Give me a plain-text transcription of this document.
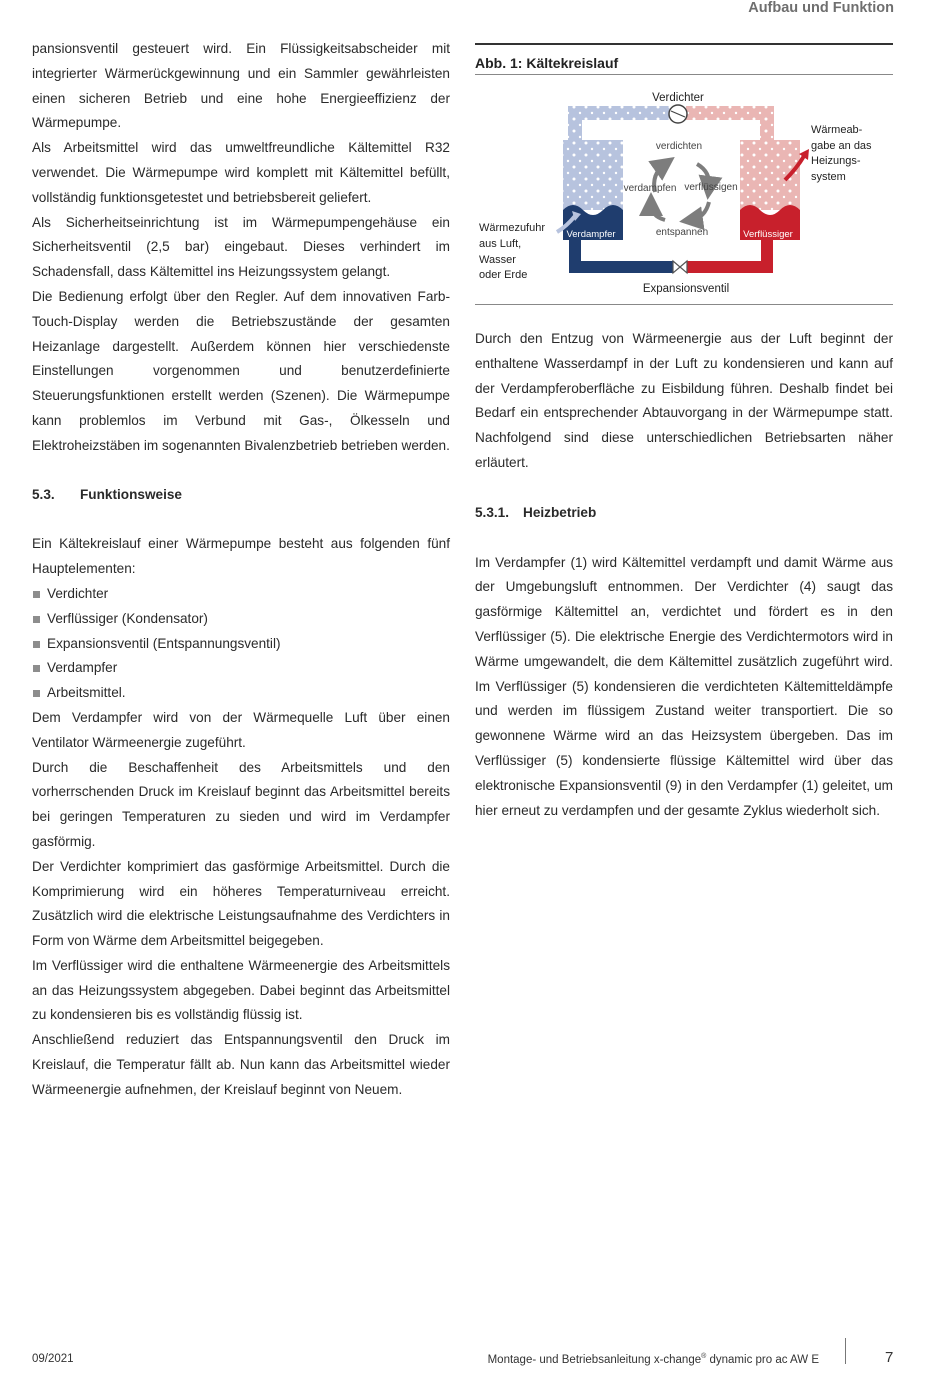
Aufbau und Funktion

pansionsventil gesteuert wird. Ein Flüssigkeitsabscheider mit integrierter Wärmerückgewinnung und ein Sammler gewährleisten einen sicheren Betrieb und eine hohe Energieeffizienz der Wärmepumpe.

Als Arbeitsmittel wird das umweltfreundliche Kältemittel R32 verwendet. Die Wärmepumpe wird komplett mit Kältemittel befüllt, vollständig funktionsgetestet und betriebsbereit geliefert.

Als Sicherheitseinrichtung ist im Wärmepumpengehäuse ein Sicherheitsventil (2,5 bar) eingebaut. Dieses verhindert im Schadensfall, dass Kältemittel ins Heizungssystem gelangt.

Die Bedienung erfolgt über den Regler. Auf dem innovativen Farb-Touch-Display werden die Betriebszustände der gesamten Heizanlage dargestellt. Außerdem können hier verschiedenste Einstellungen vorgenommen und benutzerdefinierte Steuerungsfunktionen erstellt werden (Szenen). Die Wärmepumpe kann problemlos im Verbund mit Gas-, Ölkesseln und Elektroheizstäben im sogenannten Bivalenzbetrieb betrieben werden.

5.3. Funktionsweise

Ein Kältekreislauf einer Wärmepumpe besteht aus folgenden fünf Hauptelementen:

Verdichter
Verflüssiger (Kondensator)
Expansionsventil (Entspannungsventil)
Verdampfer
Arbeitsmittel.

Dem Verdampfer wird von der Wärmequelle Luft über einen Ventilator Wärmeenergie zugeführt.

Durch die Beschaffenheit des Arbeitsmittels und den vorherrschenden Druck im Kreislauf beginnt das Arbeitsmittel bereits bei geringen Temperaturen zu sieden und wird im Verdampfer gasförmig.

Der Verdichter komprimiert das gasförmige Arbeitsmittel. Durch die Komprimierung wird ein höheres Temperaturniveau erreicht. Zusätzlich wird die elektrische Leistungsaufnahme des Verdichters in Form von Wärme dem Arbeitsmittel beigegeben.

Im Verflüssiger wird die enthaltene Wärmeenergie des Arbeitsmittels an das Heizungssystem abgegeben. Dabei beginnt das Arbeitsmittel zu kondensieren bis es vollständig flüssig ist.

Anschließend reduziert das Entspannungsventil den Druck im Kreislauf, die Temperatur fällt ab. Nun kann das Arbeitsmittel wieder Wärmeenergie aufnehmen, der Kreislauf beginnt von Neuem.

Abb. 1: Kältekreislauf
Verdichter
verdichten
verdampfen verflüssigen
entspannen
Verdampfer	Verflüssiger
Expansionsventil
Wärmezufuhr aus Luft, Wasser oder Erde
Wärmeab- gabe an das Heizungs- system

Durch den Entzug von Wärmeenergie aus der Luft beginnt der enthaltene Wasserdampf in der Luft zu kondensieren und kann auf der Verdampferoberfläche zu Eisbildung führen. Deshalb findet bei Bedarf ein entsprechender Abtauvorgang in der Wärmepumpe statt. Nachfolgend sind diese unterschiedlichen Betriebsarten näher erläutert.

5.3.1. Heizbetrieb

Im Verdampfer (1) wird Kältemittel verdampft und damit Wärme aus der Umgebungsluft entnommen. Der Verdichter (4) saugt das gasförmige Kältemittel an, verdichtet und fördert es in den Verflüssiger (5). Die elektrische Energie des Verdichtermotors wird in Wärme umgewandelt, die dem Kältemittel zusätzlich zugeführt wird. Im Verflüssiger (5) kondensieren die verdichteten Kältemitteldämpfe und werden im flüssigem Zustand weiter transportiert. Die so gewonnene Wärme wird an das Heizsystem übergeben. Das im Verflüssiger (5) kondensierte flüssige Kältemittel wird über das elektronische Expansionsventil (9) in den Verdampfer (1) geleitet, um hier erneut zu verdampfen und der gesamte Zyklus wiederholt sich.

09/2021	Montage- und Betriebsanleitung x-change® dynamic pro ac AW E	7
